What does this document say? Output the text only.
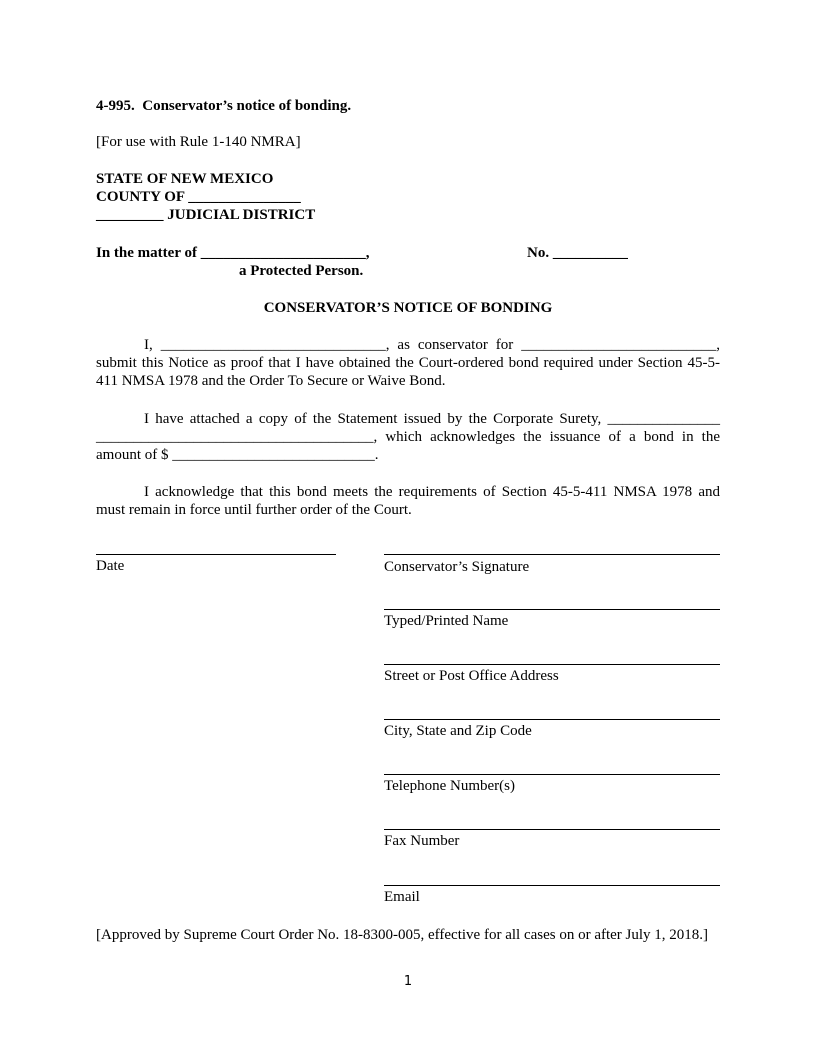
4-995. Conservator’s notice of bonding.
[For use with Rule 1-140 NMRA]
STATE OF NEW MEXICO
COUNTY OF _______________
_________ JUDICIAL DISTRICT
In the matter of ______________________,	No. __________
a Protected Person.
CONSERVATOR’S NOTICE OF BONDING
I, ______________________________, as conservator for __________________________,
submit this Notice as proof that I have obtained the Court-ordered bond required under Section 45-5-411 NMSA 1978 and the Order To Secure or Waive Bond.
I have attached a copy of the Statement issued by the Corporate Surety, _______________
_____________________________________, which acknowledges the issuance of a bond in the amount of $ ___________________________.
I acknowledge that this bond meets the requirements of Section 45-5-411 NMSA 1978 and must remain in force until further order of the Court.
Date	Conservator’s Signature
Typed/Printed Name
Street or Post Office Address
City, State and Zip Code
Telephone Number(s)
Fax Number
Email
[Approved by Supreme Court Order No. 18-8300-005, effective for all cases on or after July 1, 2018.]
1
